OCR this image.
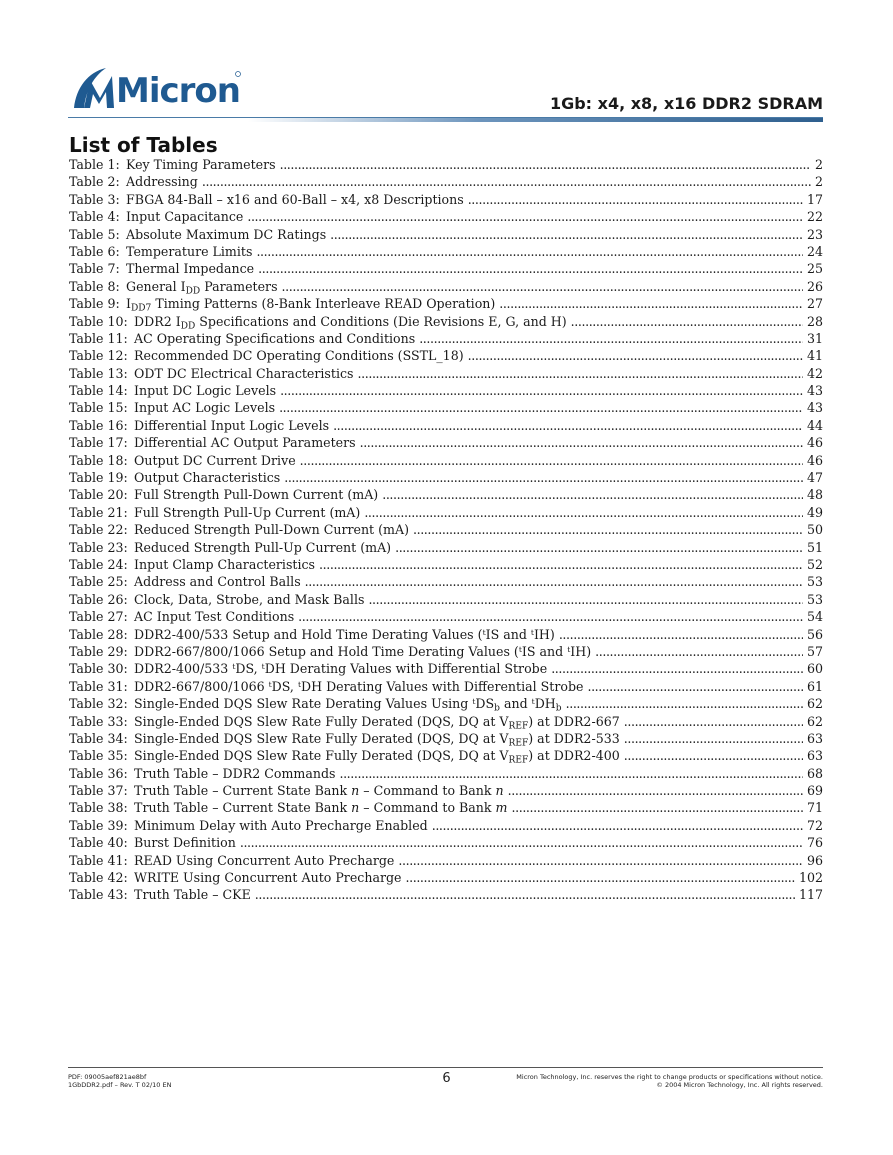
Micron	1Gb: x4, x8, x16 DDR2 SDRAM
List of Tables
Table 1: Key Timing Parameters . . .	2
Table 2: Addressing . . .	2
Table 3: FBGA 84-Ball – x16 and 60-Ball – x4, x8 Descriptions . . .	17
Table 4: Input Capacitance . . .	22
Table 5: Absolute Maximum DC Ratings . . .	23
Table 6: Temperature Limits . . .	24
Table 7: Thermal Impedance . . .	25
Table 8: General $I_{DD}$ Parameters . . .	26
Table 9: $I_{DD7}$ Timing Patterns (8-Bank Interleave READ Operation) . . .	27
Table 10: DDR2 $I_{DD}$ Specifications and Conditions (Die Revisions E, G, and H) . . .	28
Table 11: AC Operating Specifications and Conditions . . .	31
Table 12: Recommended DC Operating Conditions (SSTL_18) . . .	41
Table 13: ODT DC Electrical Characteristics . . .	42
Table 14: Input DC Logic Levels . . .	43
Table 15: Input AC Logic Levels . . .	43
Table 16: Differential Input Logic Levels . . .	44
Table 17: Differential AC Output Parameters . . .	46
Table 18: Output DC Current Drive . . .	46
Table 19: Output Characteristics . . .	47
Table 20: Full Strength Pull-Down Current (mA) . . .	48
Table 21: Full Strength Pull-Up Current (mA) . . .	49
Table 22: Reduced Strength Pull-Down Current (mA) . . .	50
Table 23: Reduced Strength Pull-Up Current (mA) . . .	51
Table 24: Input Clamp Characteristics . . .	52
Table 25: Address and Control Balls . . .	53
Table 26: Clock, Data, Strobe, and Mask Balls . . .	53
Table 27: AC Input Test Conditions . . .	54
Table 28: DDR2-400/533 Setup and Hold Time Derating Values ($^t$IS and $^t$IH) . . .	56
Table 29: DDR2-667/800/1066 Setup and Hold Time Derating Values ($^t$IS and $^t$IH) . . .	57
Table 30: DDR2-400/533 $^t$DS, $^t$DH Derating Values with Differential Strobe . . .	60
Table 31: DDR2-667/800/1066 $^t$DS, $^t$DH Derating Values with Differential Strobe . . .	61
Table 32: Single-Ended DQS Slew Rate Derating Values Using $^tDS_b$ and $^tDH_b$ . . .	62
Table 33: Single-Ended DQS Slew Rate Fully Derated (DQS, DQ at $V_{REF}$) at DDR2-667 . . .	62
Table 34: Single-Ended DQS Slew Rate Fully Derated (DQS, DQ at $V_{REF}$) at DDR2-533 . . .	63
Table 35: Single-Ended DQS Slew Rate Fully Derated (DQS, DQ at $V_{REF}$) at DDR2-400 . . .	63
Table 36: Truth Table – DDR2 Commands . . .	68
Table 37: Truth Table – Current State Bank n – Command to Bank n . . .	69
Table 38: Truth Table – Current State Bank n – Command to Bank m . . .	71
Table 39: Minimum Delay with Auto Precharge Enabled . . .	72
Table 40: Burst Definition . . .	76
Table 41: READ Using Concurrent Auto Precharge . . .	96
Table 42: WRITE Using Concurrent Auto Precharge . . .	102
Table 43: Truth Table – CKE . . .	117
PDF: 09005aef821ae8bf
1GbDDR2.pdf – Rev. T 02/10 EN	6	Micron Technology, Inc. reserves the right to change products or specifications without notice.
© 2004 Micron Technology, Inc. All rights reserved.
